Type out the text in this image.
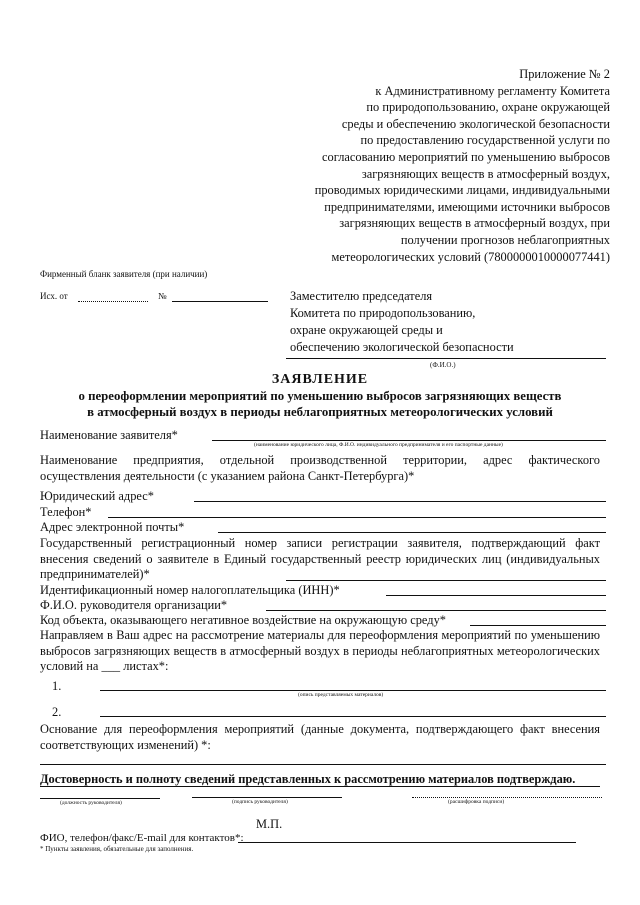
Приложение № 2
к Административному регламенту Комитета
по природопользованию, охране окружающей
среды и обеспечению экологической безопасности
по предоставлению государственной услуги по
согласованию мероприятий по уменьшению выбросов
загрязняющих веществ в атмосферный воздух,
проводимых юридическими лицами, индивидуальными
предпринимателями, имеющими источники выбросов
загрязняющих веществ в атмосферный воздух, при
получении прогнозов неблагоприятных
метеорологических условий (7800000010000077441)
Фирменный бланк заявителя (при наличии)
Исх. от	№	Заместителю председателя
Комитета по природопользованию,
охране окружающей среды и
обеспечению экологической безопасности
(Ф.И.О.)
ЗАЯВЛЕНИЕ
о переоформлении мероприятий по уменьшению выбросов загрязняющих веществ
в атмосферный воздух в периоды неблагоприятных метеорологических условий
Наименование заявителя*
(наименование юридического лица, Ф.И.О. индивидуального предпринимателя и его паспортные данные)
Наименование предприятия, отдельной производственной территории, адрес фактического осуществления деятельности (с указанием района Санкт-Петербурга)*
Юридический адрес*
Телефон*
Адрес электронной почты*
Государственный регистрационный номер записи регистрации заявителя, подтверждающий факт внесения сведений о заявителе в Единый государственный реестр юридических лиц (индивидуальных предпринимателей)*
Идентификационный номер налогоплательщика (ИНН)*
Ф.И.О. руководителя организации*
Код объекта, оказывающего негативное воздействие на окружающую среду*
Направляем в Ваш адрес на рассмотрение материалы для переоформления мероприятий по уменьшению выбросов загрязняющих веществ в атмосферный воздух в периоды неблагоприятных метеорологических условий на ___ листах*:
1.
(опись представляемых материалов)
2.
Основание для переоформления мероприятий (данные документа, подтверждающего факт внесения соответствующих изменений) *:
Достоверность и полноту сведений представленных к рассмотрению материалов подтверждаю.
(должность руководителя)	(подпись руководителя)	(расшифровка подписи)
М.П.
ФИО, телефон/факс/E-mail для контактов*:
* Пункты заявления, обязательные для заполнения.
